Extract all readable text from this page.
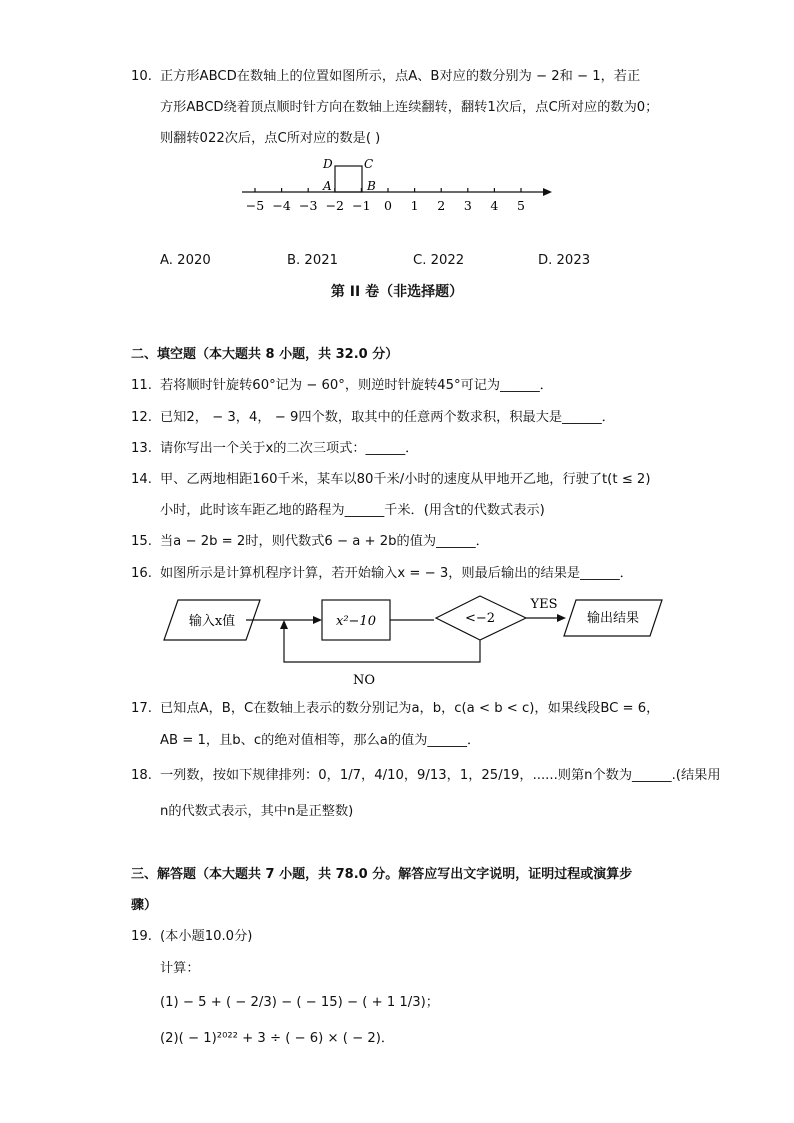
10. 正方形ABCD在数轴上的位置如图所示，点A、B对应的数分别为 − 2和 − 1，若正
方形ABCD绕着顶点顺时针方向在数轴上连续翻转，翻转1次后，点C所对应的数为0；
则翻转022次后，点C所对应的数是( )
−5 −4 −3 −2 −1 0 1 2 3 4 5
D	C
A	B
A. 2020	B. 2021	C. 2022	D. 2023
第 II 卷（非选择题）
二、填空题（本大题共 8 小题，共 32.0 分）
11. 若将顺时针旋转60°记为 − 60°，则逆时针旋转45°可记为______．
12. 已知2， − 3，4， − 9四个数，取其中的任意两个数求积，积最大是______．
13. 请你写出一个关于x的二次三项式：______．
14. 甲、乙两地相距160千米，某车以80千米/小时的速度从甲地开乙地，行驶了t(t ≤ 2)
小时，此时该车距乙地的路程为______千米．(用含t的代数式表示)
15. 当a − 2b = 2时，则代数式6 − a + 2b的值为______．
16. 如图所示是计算机程序计算，若开始输入x = − 3，则最后输出的结果是______．
输入x值	x²−10	<−2
YES
输出结果
NO
17. 已知点A，B，C在数轴上表示的数分别记为a，b，c(a < b < c)，如果线段BC = 6，
AB = 1，且b、c的绝对值相等，那么a的值为______．
18. 一列数，按如下规律排列：0，1/7，4/10，9/13，1，25/19，......则第n个数为______.(结果用
n的代数式表示，其中n是正整数)
三、解答题（本大题共 7 小题，共 78.0 分。解答应写出文字说明，证明过程或演算步
骤）
19. (本小题10.0分)
计算：
(1) − 5 + ( − 2/3) − ( − 15) − ( + 1 1/3)；
(2)( − 1)²⁰²² + 3 ÷ ( − 6) × ( − 2)．
